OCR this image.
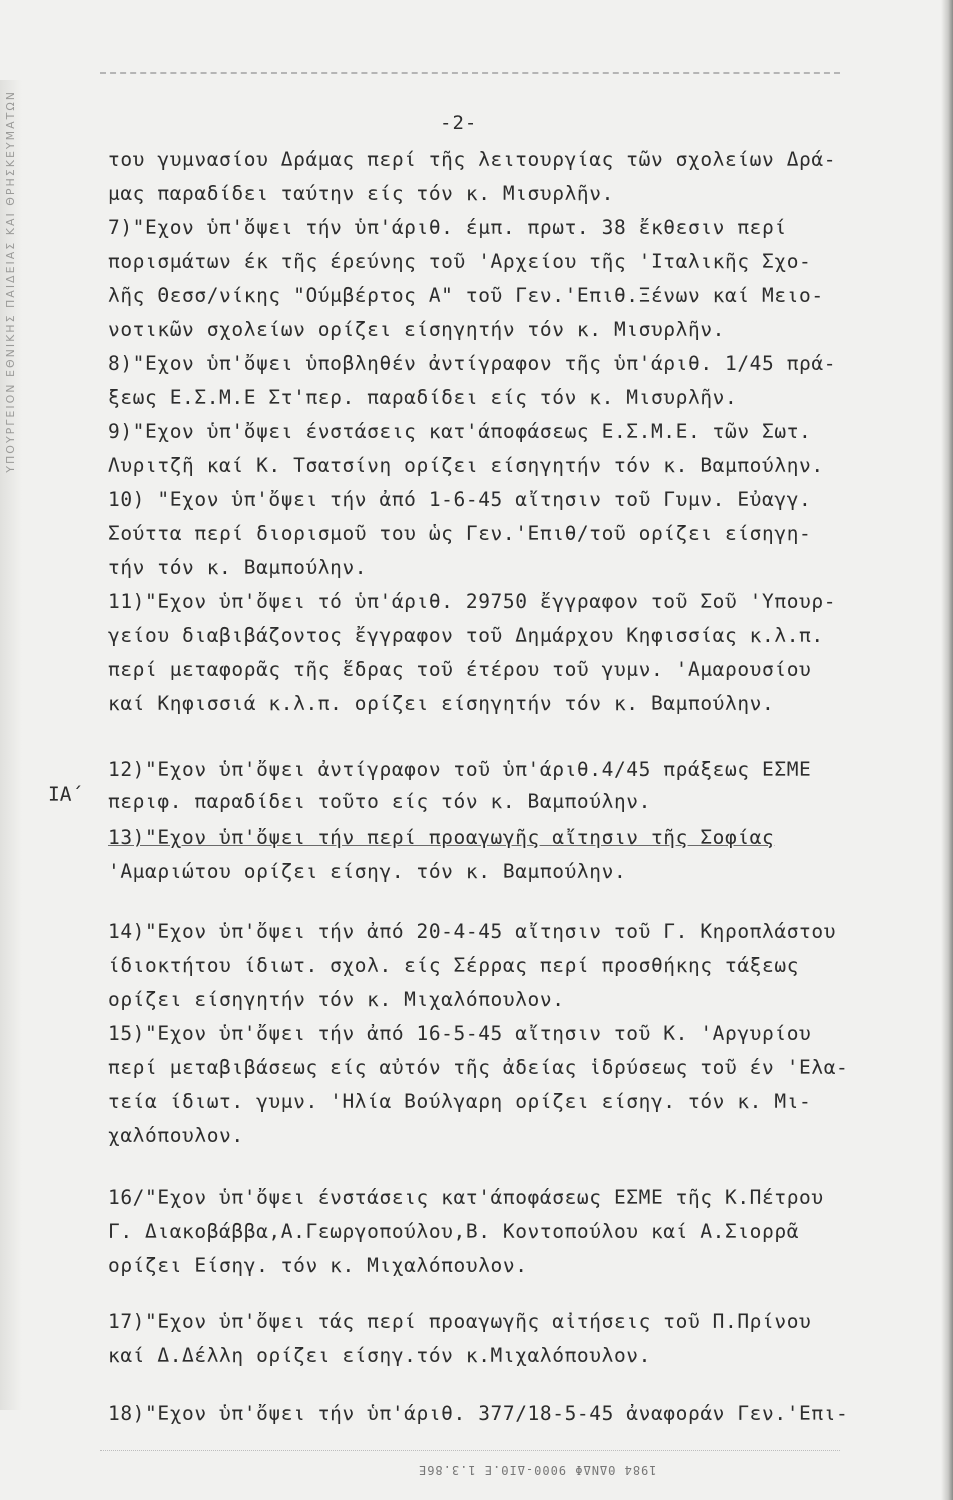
ΥΠΟΥΡΓΕΙΟΝ ΕΘΝΙΚΗΣ ΠΑΙΔΕΙΑΣ ΚΑΙ ΘΡΗΣΚΕΥΜΑΤΩΝ	-2-
του γυμνασίου Δράμας περί τῆς λειτουργίας τῶν σχολείων Δρά-
μας παραδίδει ταύτην είς τόν κ. Μισυρλῆν.
7)"Εχον ὑπ'ὄψει τήν ὑπ'άριθ. έμπ. πρωτ. 38 ἔκθεσιν περί
πορισμάτων έκ τῆς έρεύνης τοῦ 'Αρχείου τῆς 'Ιταλικῆς Σχο-
λῆς Θεσσ/νίκης "Ούμβέρτος Α" τοῦ Γεν.'Επιθ.Ξένων καί Μειο-
νοτικῶν σχολείων ορίζει είσηγητήν τόν κ. Μισυρλῆν.
8)"Εχον ὑπ'ὄψει ὑποβληθέν ἀντίγραφον τῆς ὑπ'άριθ. 1/45 πρά-
ξεως Ε.Σ.Μ.Ε Στ'περ. παραδίδει είς τόν κ. Μισυρλῆν.
9)"Εχον ὑπ'ὄψει ένστάσεις κατ'άποφάσεως Ε.Σ.Μ.Ε. τῶν Σωτ.
Λυριτζῆ καί Κ. Τσατσίνη ορίζει είσηγητήν τόν κ. Βαμπούλην.
10) "Εχον ὑπ'ὄψει τήν ἀπό 1-6-45 αἴτησιν τοῦ Γυμν. Εὐαγγ.
Σούττα περί διορισμοῦ του ὡς Γεν.'Επιθ/τοῦ ορίζει είσηγη-
τήν τόν κ. Βαμπούλην.
11)"Εχον ὑπ'ὄψει τό ὑπ'άριθ. 29750 ἔγγραφον τοῦ Σοῦ 'Υπουρ-
γείου διαβιβάζοντος ἔγγραφον τοῦ Δημάρχου Κηφισσίας κ.λ.π.
περί μεταφορᾶς τῆς ἕδρας τοῦ έτέρου τοῦ γυμν. 'Αμαρουσίου
καί Κηφισσιά κ.λ.π. ορίζει είσηγητήν τόν κ. Βαμπούλην.
12)"Εχον ὑπ'ὄψει ἀντίγραφον τοῦ ὑπ'άριθ.4/45 πράξεως ΕΣΜΕ
ΙΑ΄ περιφ. παραδίδει τοῦτο είς τόν κ. Βαμπούλην.
13)"Εχον ὑπ'ὄψει τήν περί προαγωγῆς αἴτησιν τῆς Σοφίας
'Αμαριώτου ορίζει είσηγ. τόν κ. Βαμπούλην.
14)"Εχον ὑπ'ὄψει τήν ἀπό 20-4-45 αἴτησιν τοῦ Γ. Κηροπλάστου
ίδιοκτήτου ίδιωτ. σχολ. είς Σέρρας περί προσθήκης τάξεως
ορίζει είσηγητήν τόν κ. Μιχαλόπουλον.
15)"Εχον ὑπ'ὄψει τήν ἀπό 16-5-45 αἴτησιν τοῦ Κ. 'Αργυρίου
περί μεταβιβάσεως είς αὐτόν τῆς ἀδείας ἱδρύσεως τοῦ έν 'Ελα-
τεία ίδιωτ. γυμν. 'Ηλία Βούλγαρη ορίζει είσηγ. τόν κ. Μι-
χαλόπουλον.
16/"Εχον ὑπ'ὄψει ένστάσεις κατ'άποφάσεως ΕΣΜΕ τῆς Κ.Πέτρου
Γ. Διακοβάββα,Α.Γεωργοπούλου,Β. Κοντοπούλου καί Α.Σιορρᾶ
ορίζει Είσηγ. τόν κ. Μιχαλόπουλον.
17)"Εχον ὑπ'ὄψει τάς περί προαγωγῆς αἰτήσεις τοῦ Π.Πρίνου
καί Δ.Δέλλη ορίζει είσηγ.τόν κ.Μιχαλόπουλον.
18)"Εχον ὑπ'ὄψει τήν ὑπ'άριθ. 377/18-5-45 ἀναφοράν Γεν.'Επι-
1984 ΘΔΝΔΦ 9000-ΔΙΘ.Ε 1.3.86Ε
